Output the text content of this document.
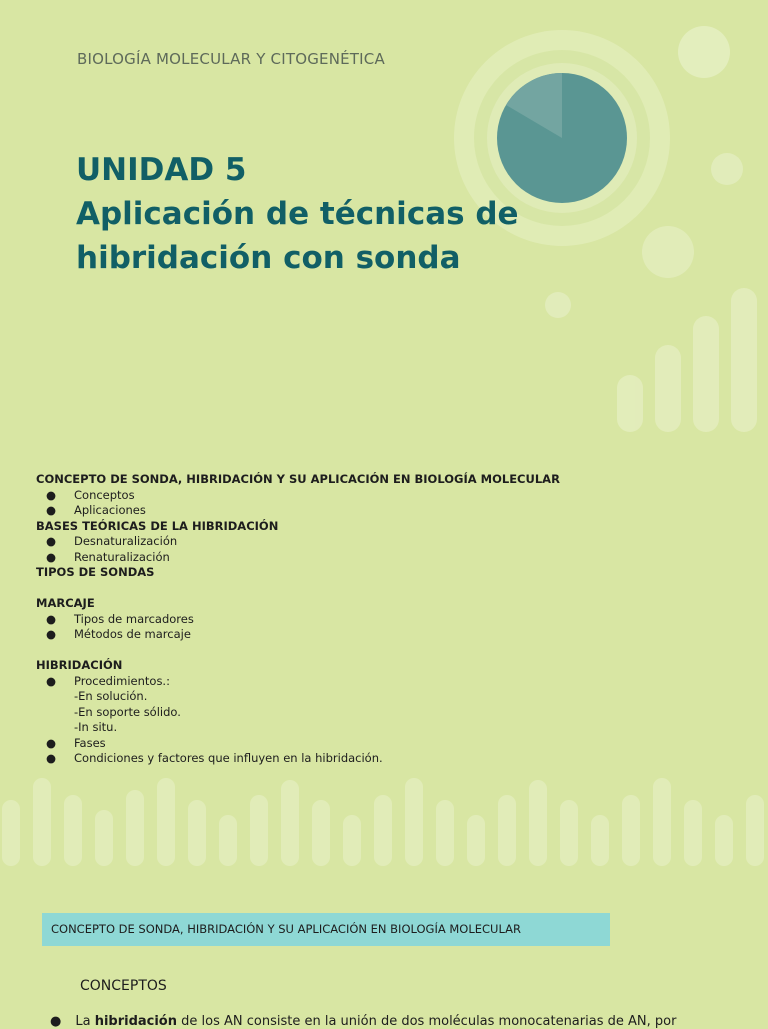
BIOLOGÍA MOLECULAR Y CITOGENÉTICA
UNIDAD 5
Aplicación de técnicas de
hibridación con sonda
CONCEPTO DE SONDA, HIBRIDACIÓN Y SU APLICACIÓN EN BIOLOGÍA MOLECULAR
● Conceptos
● Aplicaciones
BASES TEÓRICAS DE LA HIBRIDACIÓN
● Desnaturalización
● Renaturalización
TIPOS DE SONDAS
MARCAJE
● Tipos de marcadores
● Métodos de marcaje
HIBRIDACIÓN
● Procedimientos.:
-En solución.
-En soporte sólido.
-In situ.
● Fases
● Condiciones y factores que influyen en la hibridación.
CONCEPTO DE SONDA, HIBRIDACIÓN Y SU APLICACIÓN EN BIOLOGÍA MOLECULAR
CONCEPTOS
● La hibridación de los AN consiste en la unión de dos moléculas monocatenarias de AN, por
